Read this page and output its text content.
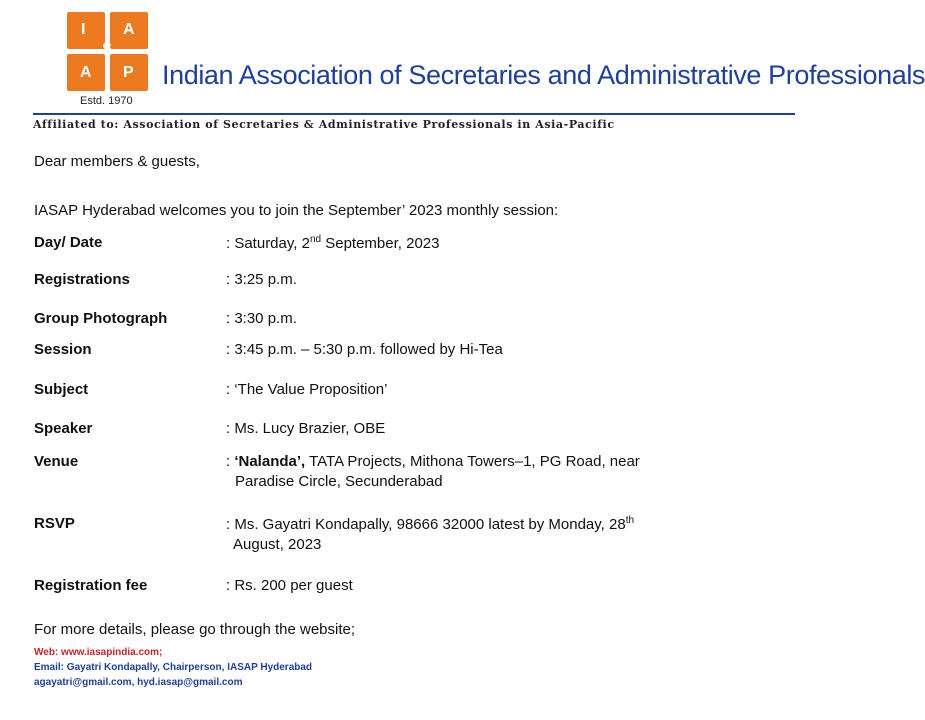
I A
A P
S
Estd. 1970
Indian Association of Secretaries and Administrative Professionals
Affiliated to: Association of Secretaries & Administrative Professionals in Asia-Pacific
Dear members & guests,
IASAP Hyderabad welcomes you to join the September’ 2023 monthly session:
Day/ Date	: Saturday, 2nd September, 2023
Registrations	: 3:25 p.m.
Group Photograph	: 3:30 p.m.
Session	: 3:45 p.m. – 5:30 p.m. followed by Hi-Tea
Subject	: ‘The Value Proposition’
Speaker	: Ms. Lucy Brazier, OBE
Venue	: ‘Nalanda’, TATA Projects, Mithona Towers–1, PG Road, near
Paradise Circle, Secunderabad
RSVP	: Ms. Gayatri Kondapally, 98666 32000 latest by Monday, 28th
August, 2023
Registration fee	: Rs. 200 per guest
For more details, please go through the website;
Web: www.iasapindia.com;
Email: Gayatri Kondapally, Chairperson, IASAP Hyderabad
agayatri@gmail.com, hyd.iasap@gmail.com
